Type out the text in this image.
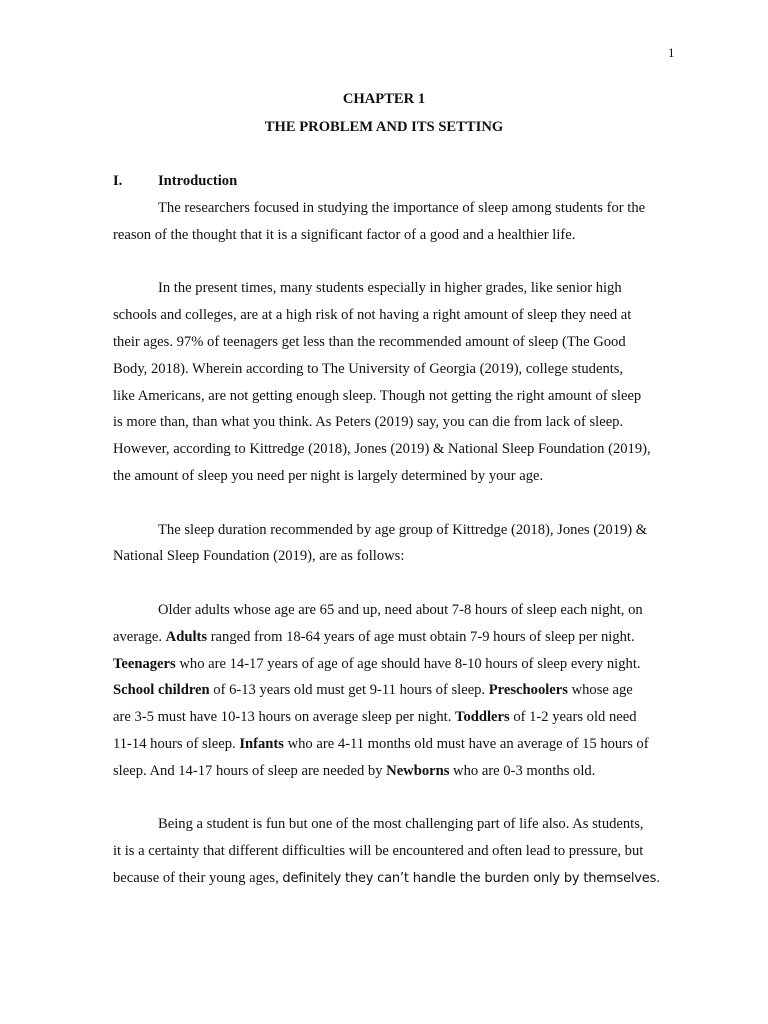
1
CHAPTER 1
THE PROBLEM AND ITS SETTING
I. Introduction

The researchers focused in studying the importance of sleep among students for the
reason of the thought that it is a significant factor of a good and a healthier life.

In the present times, many students especially in higher grades, like senior high
schools and colleges, are at a high risk of not having a right amount of sleep they need at
their ages. 97% of teenagers get less than the recommended amount of sleep (The Good
Body, 2018). Wherein according to The University of Georgia (2019), college students,
like Americans, are not getting enough sleep. Though not getting the right amount of sleep
is more than, than what you think. As Peters (2019) say, you can die from lack of sleep.
However, according to Kittredge (2018), Jones (2019) & National Sleep Foundation (2019),
the amount of sleep you need per night is largely determined by your age.

The sleep duration recommended by age group of Kittredge (2018), Jones (2019) &
National Sleep Foundation (2019), are as follows:

Older adults whose age are 65 and up, need about 7-8 hours of sleep each night, on
average. Adults ranged from 18-64 years of age must obtain 7-9 hours of sleep per night.
Teenagers who are 14-17 years of age of age should have 8-10 hours of sleep every night.
School children of 6-13 years old must get 9-11 hours of sleep. Preschoolers whose age
are 3-5 must have 10-13 hours on average sleep per night. Toddlers of 1-2 years old need
11-14 hours of sleep. Infants who are 4-11 months old must have an average of 15 hours of
sleep. And 14-17 hours of sleep are needed by Newborns who are 0-3 months old.

Being a student is fun but one of the most challenging part of life also. As students,
it is a certainty that different difficulties will be encountered and often lead to pressure, but
because of their young ages, definitely they can’t handle the burden only by themselves.
